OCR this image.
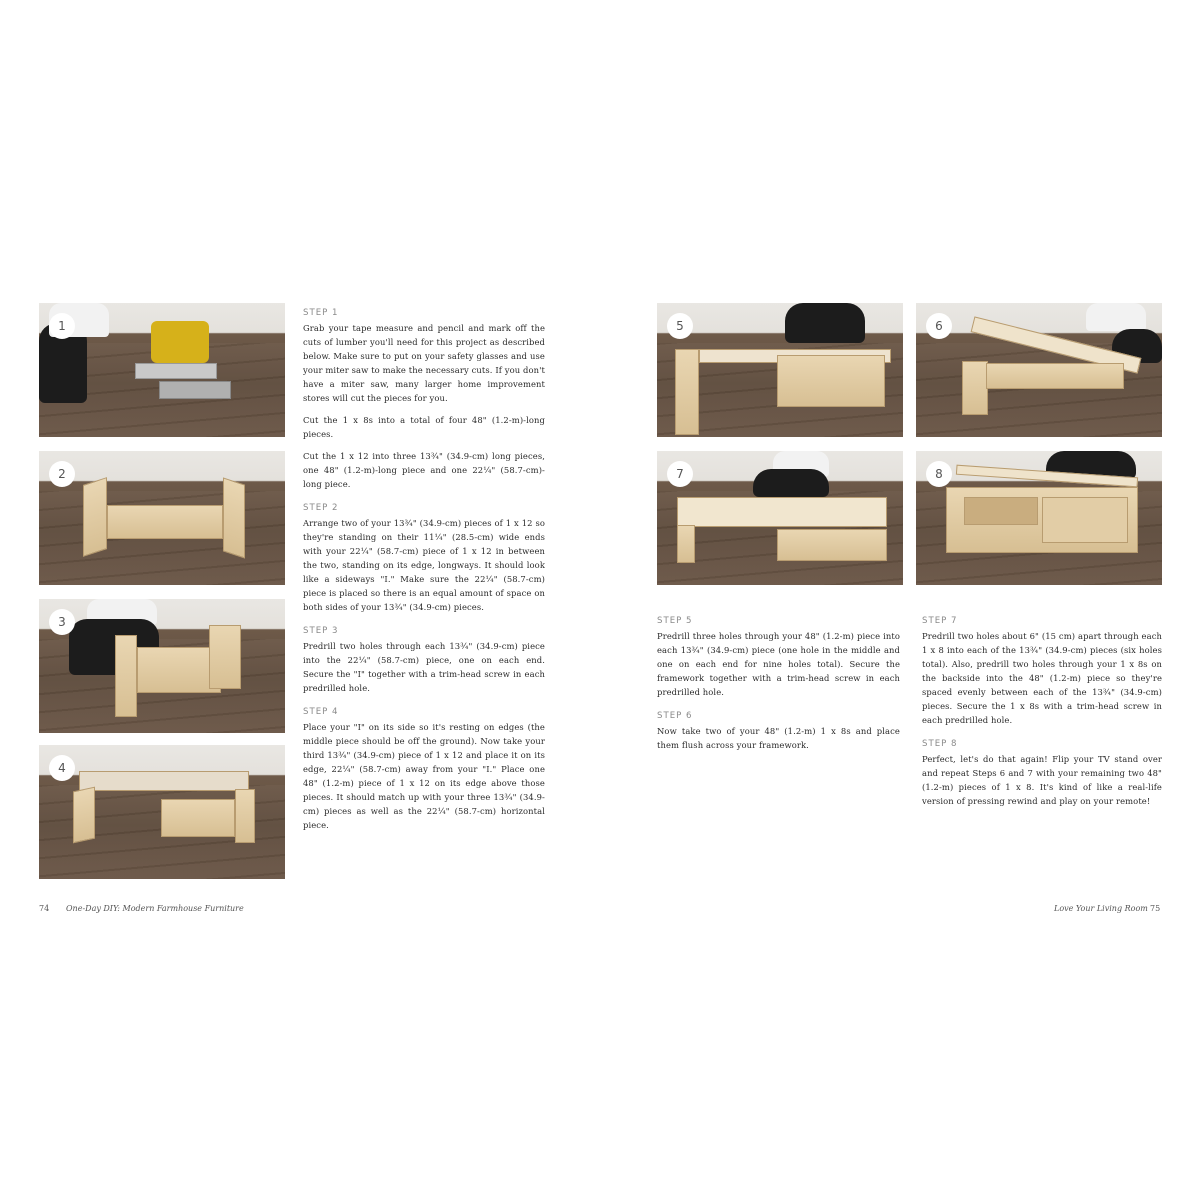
1
2
3
4
STEP 1

Grab your tape measure and pencil and mark off the cuts of lumber you'll need for this project as described below. Make sure to put on your safety glasses and use your miter saw to make the necessary cuts. If you don't have a miter saw, many larger home improvement stores will cut the pieces for you.

Cut the 1 x 8s into a total of four 48" (1.2-m)-long pieces.

Cut the 1 x 12 into three 13¾" (34.9-cm) long pieces, one 48" (1.2-m)-long piece and one 22¼" (58.7-cm)-long piece.

STEP 2

Arrange two of your 13¾" (34.9-cm) pieces of 1 x 12 so they're standing on their 11¼" (28.5-cm) wide ends with your 22¼" (58.7-cm) piece of 1 x 12 in between the two, standing on its edge, longways. It should look like a sideways "I." Make sure the 22¼" (58.7-cm) piece is placed so there is an equal amount of space on both sides of your 13¾" (34.9-cm) pieces.

STEP 3

Predrill two holes through each 13¾" (34.9-cm) piece into the 22¼" (58.7-cm) piece, one on each end. Secure the "I" together with a trim-head screw in each predrilled hole.

STEP 4

Place your "I" on its side so it's resting on edges (the middle piece should be off the ground). Now take your third 13¾" (34.9-cm) piece of 1 x 12 and place it on its edge, 22¼" (58.7-cm) away from your "I." Place one 48" (1.2-m) piece of 1 x 12 on its edge above those pieces. It should match up with your three 13¾" (34.9-cm) pieces as well as the 22¼" (58.7-cm) horizontal piece.

74 One-Day DIY: Modern Farmhouse Furniture
5	6
7	8
STEP 5

Predrill three holes through your 48" (1.2-m) piece into each 13¾" (34.9-cm) piece (one hole in the middle and one on each end for nine holes total). Secure the framework together with a trim-head screw in each predrilled hole.

STEP 6

Now take two of your 48" (1.2-m) 1 x 8s and place them flush across your framework.

STEP 7

Predrill two holes about 6" (15 cm) apart through each 1 x 8 into each of the 13¾" (34.9-cm) pieces (six holes total). Also, predrill two holes through your 1 x 8s on the backside into the 48" (1.2-m) piece so they're spaced evenly between each of the 13¾" (34.9-cm) pieces. Secure the 1 x 8s with a trim-head screw in each predrilled hole.

STEP 8

Perfect, let's do that again! Flip your TV stand over and repeat Steps 6 and 7 with your remaining two 48" (1.2-m) pieces of 1 x 8. It's kind of like a real-life version of pressing rewind and play on your remote!

Love Your Living Room 75
